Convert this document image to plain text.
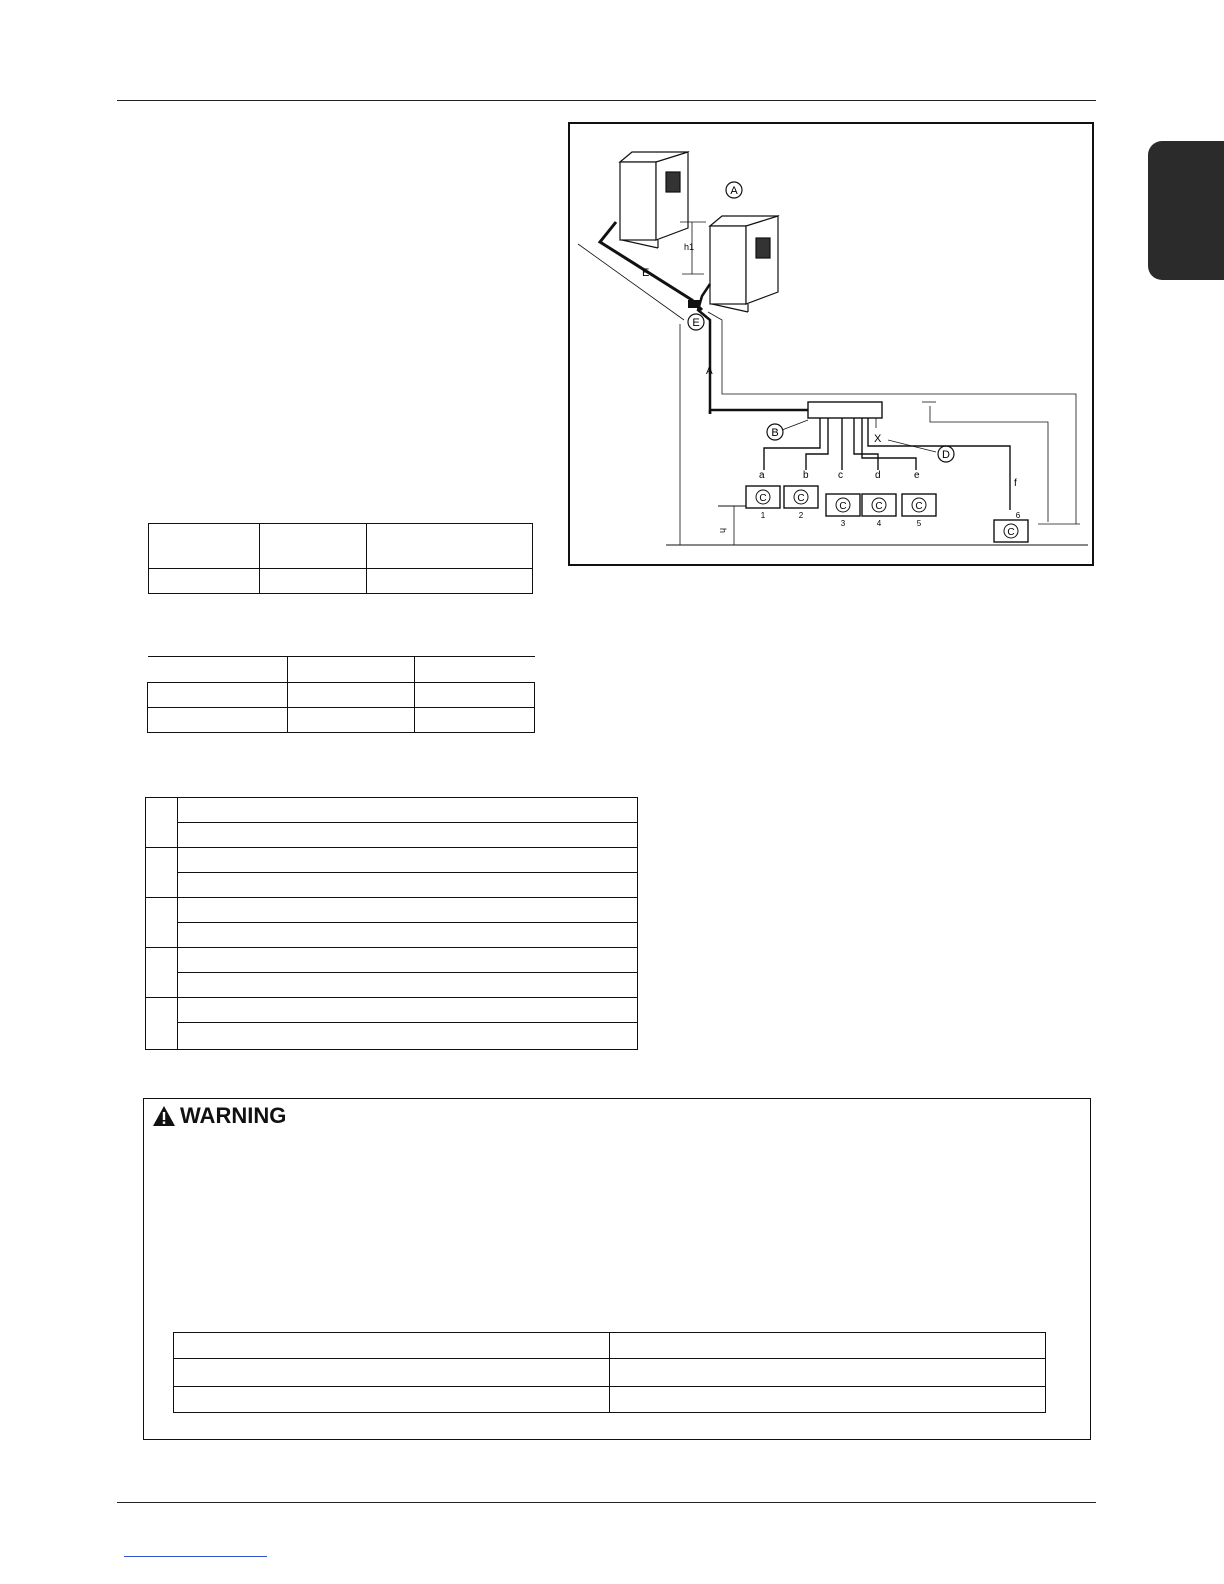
h1
E
A
E
A
X
D
B
a	b	c	d	e
f
C	C
C	C	C
C
1	2
3	4	5
6
h

WARNING
